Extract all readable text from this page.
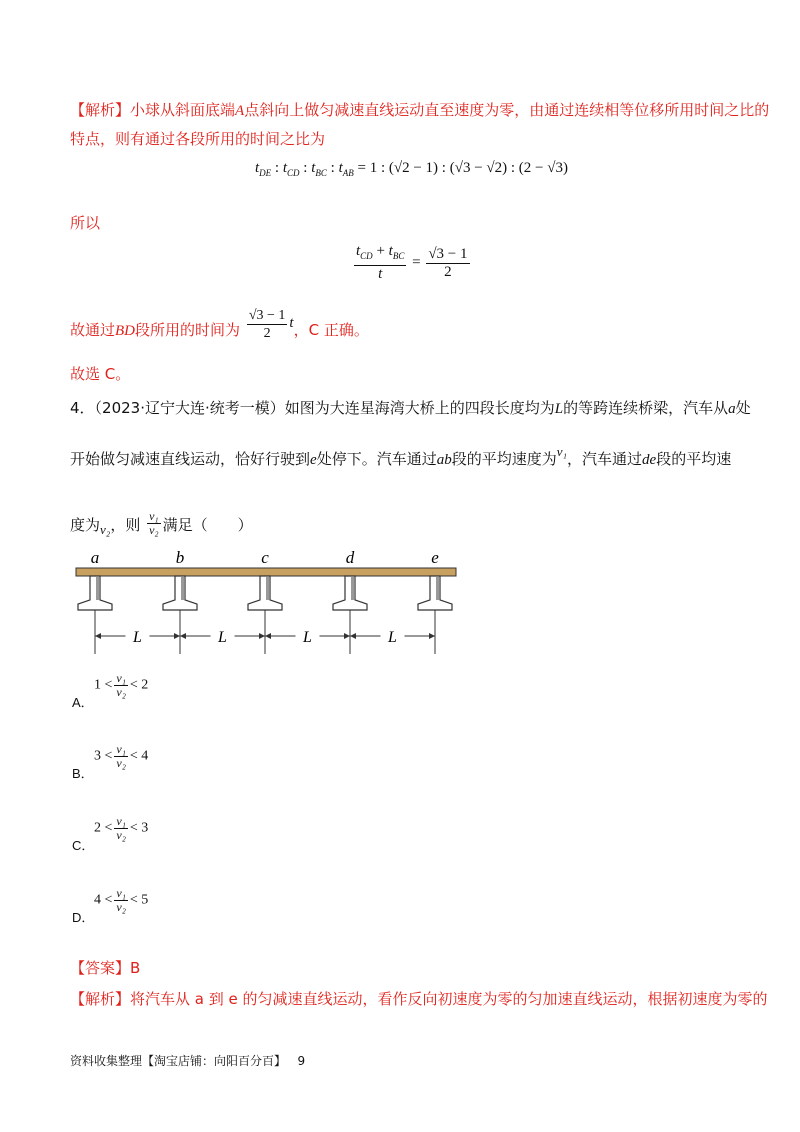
【解析】小球从斜面底端A点斜向上做匀减速直线运动直至速度为零，由通过连续相等位移所用时间之比的
特点，则有通过各段所用的时间之比为
$t_{DE}$ : $t_{CD}$ : $t_{BC}$ : $t_{AB} = 1$ : (√2 − 1) : (√3 − √2) : (2 − √3)
所以
$\frac{t_{CD} + t_{BC}}{t} = \frac{√3 - 1}{2}$
故通过BD段所用的时间为 $\frac{√3 - 1}{2}$ t，C 正确。
故选 C。
4．（2023·辽宁大连·统考一模）如图为大连星海湾大桥上的四段长度均为L的等跨连续桥梁，汽车从a处
开始做匀减速直线运动，恰好行驶到e处停下。汽车通过ab段的平均速度为v₁，汽车通过de段的平均速
度为v₂，则 $\frac{\text{v₁}}{\text{v₂}}$ 满足（　　）
a	b	c	d	e
L	L	L	L
A．
$1 < \frac{\text{v₁}}{\text{v₂}} < 2$
B．
$3 < \frac{\text{v₁}}{\text{v₂}} < 4$
C．
$2 < \frac{\text{v₁}}{\text{v₂}} < 3$
D．
$4 < \frac{\text{v₁}}{\text{v₂}} < 5$
【答案】B
【解析】将汽车从 a 到 e 的匀减速直线运动，看作反向初速度为零的匀加速直线运动，根据初速度为零的
资料收集整理【淘宝店铺：向阳百分百】 9
